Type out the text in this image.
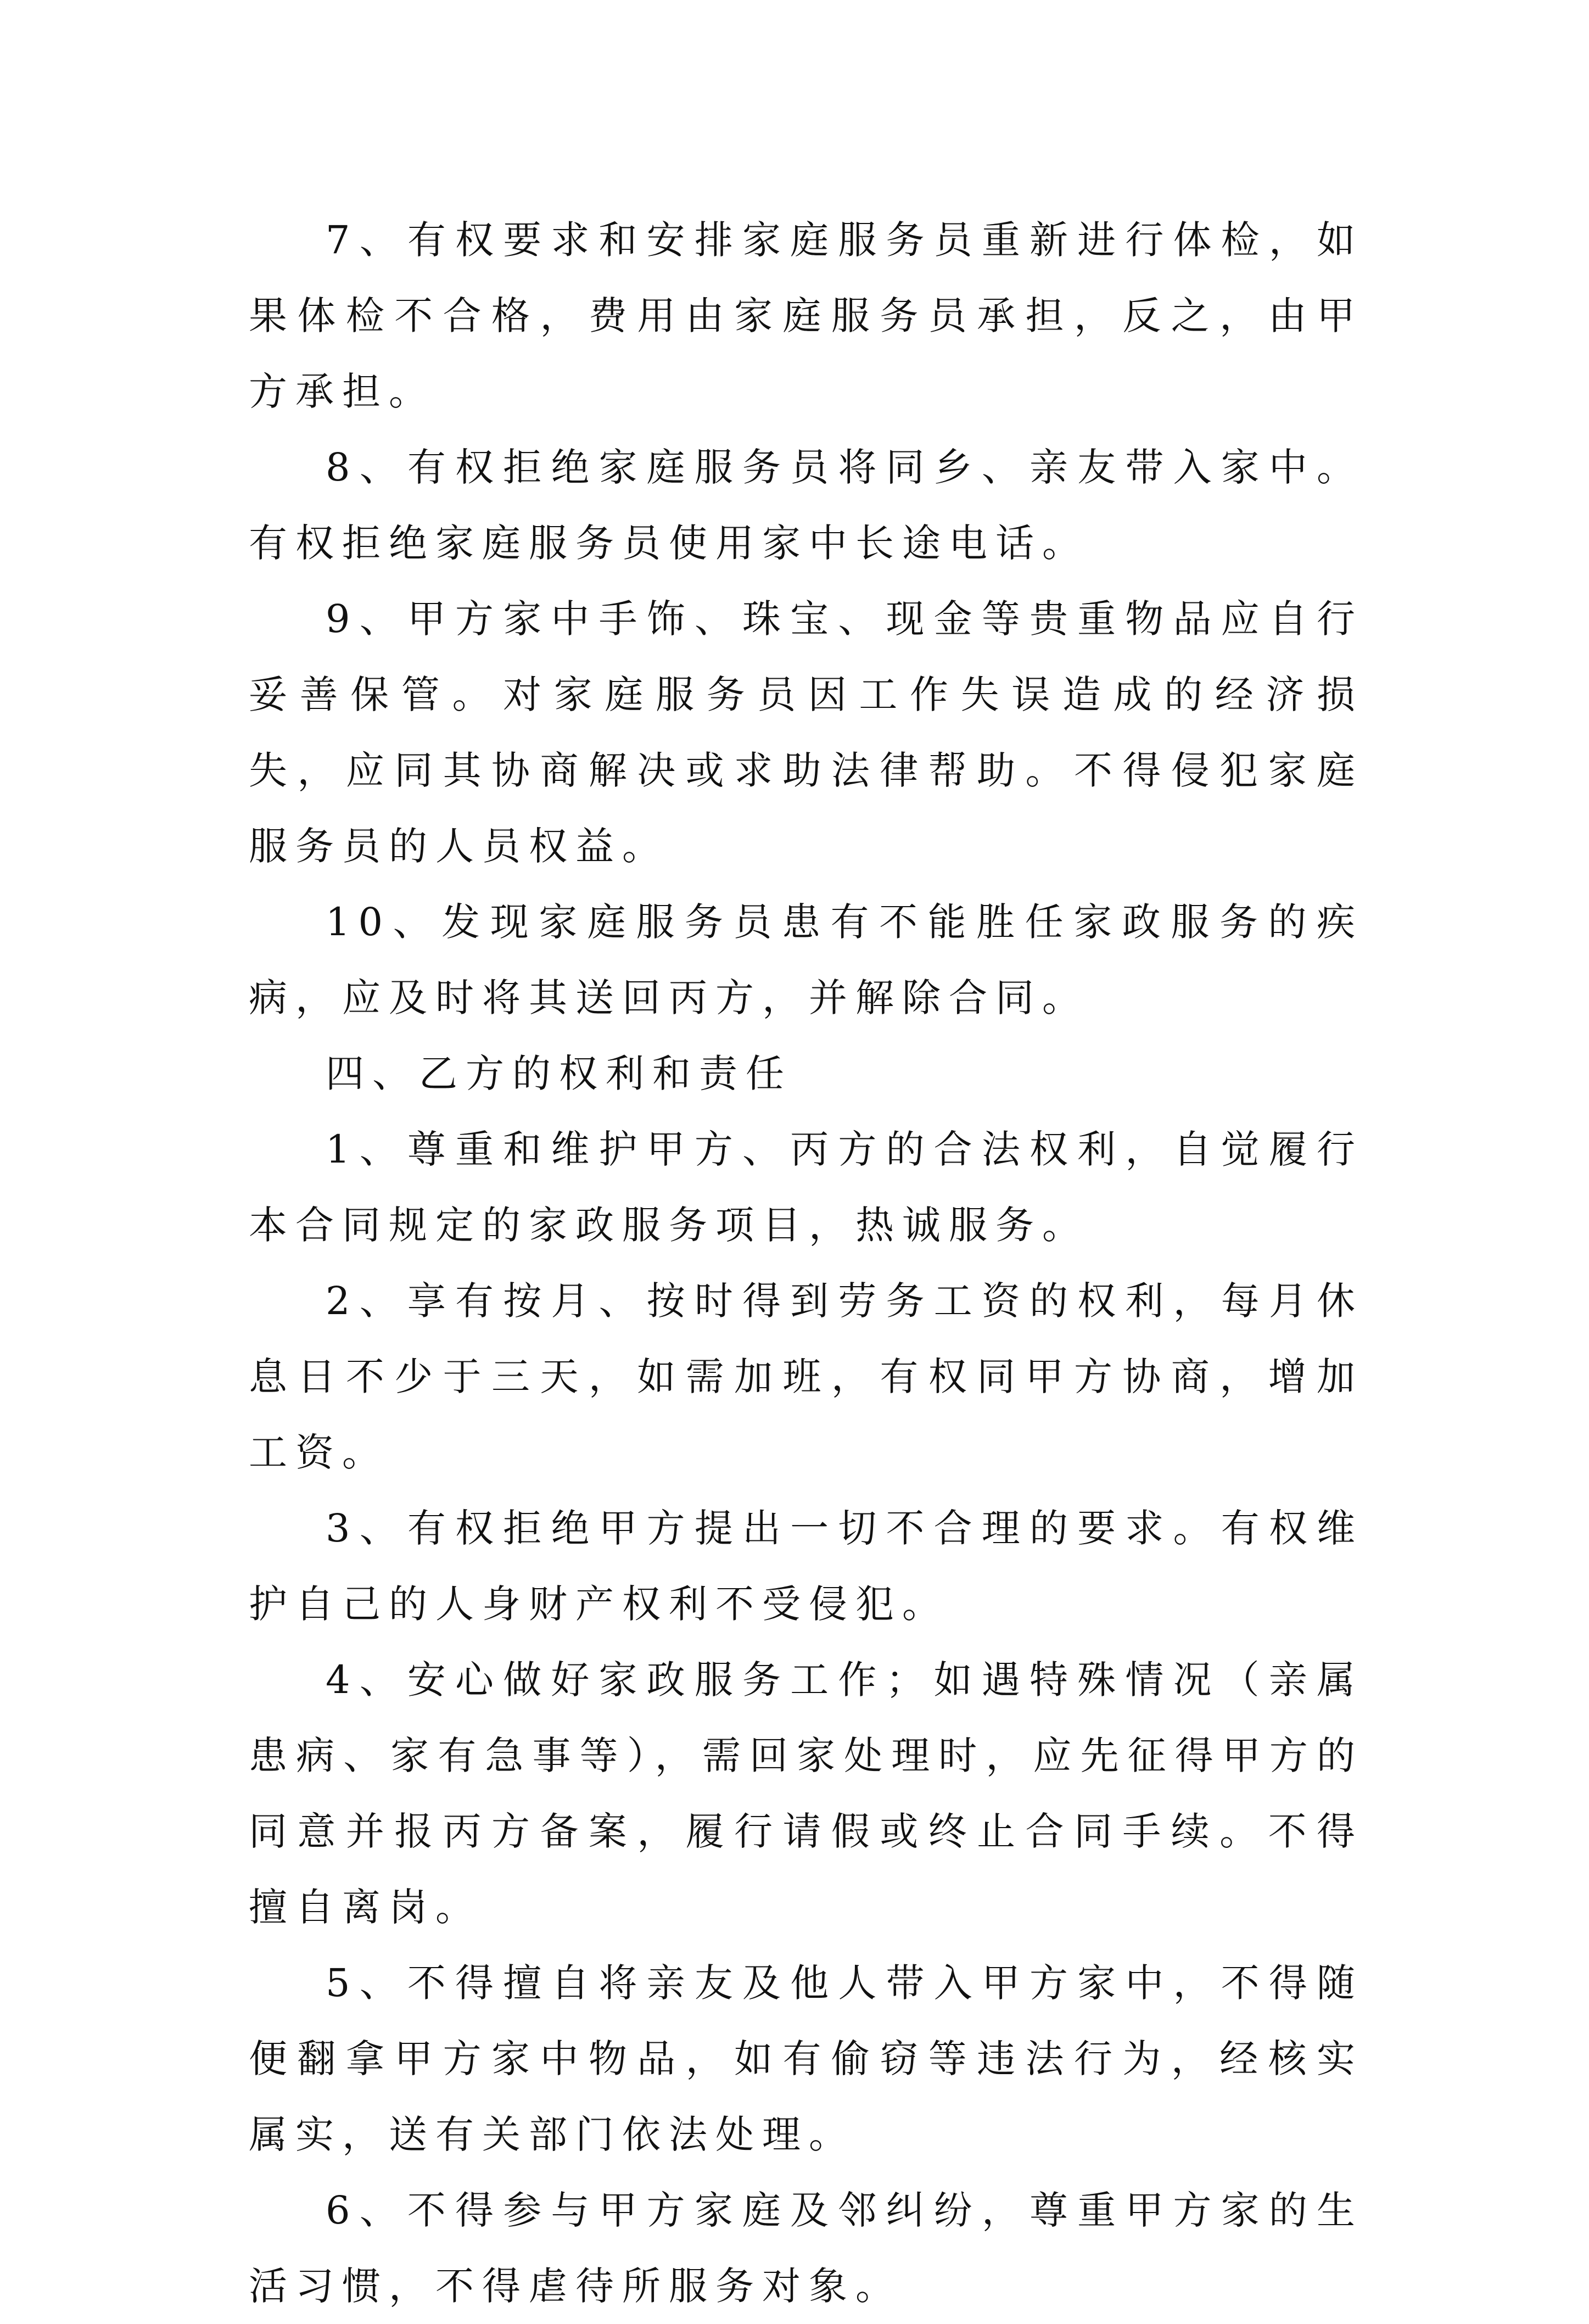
7、有权要求和安排家庭服务员重新进行体检，如果体检不合格，费用由家庭服务员承担，反之，由甲方承担。

8、有权拒绝家庭服务员将同乡、亲友带入家中。有权拒绝家庭服务员使用家中长途电话。

9、甲方家中手饰、珠宝、现金等贵重物品应自行妥善保管。对家庭服务员因工作失误造成的经济损失，应同其协商解决或求助法律帮助。不得侵犯家庭服务员的人员权益。

10、发现家庭服务员患有不能胜任家政服务的疾病，应及时将其送回丙方，并解除合同。

四、乙方的权利和责任

1、尊重和维护甲方、丙方的合法权利，自觉履行本合同规定的家政服务项目，热诚服务。

2、享有按月、按时得到劳务工资的权利，每月休息日不少于三天，如需加班，有权同甲方协商，增加工资。

3、有权拒绝甲方提出一切不合理的要求。有权维护自己的人身财产权利不受侵犯。

4、安心做好家政服务工作；如遇特殊情况（亲属患病、家有急事等），需回家处理时，应先征得甲方的同意并报丙方备案，履行请假或终止合同手续。不得擅自离岗。

5、不得擅自将亲友及他人带入甲方家中，不得随便翻拿甲方家中物品，如有偷窃等违法行为，经核实属实，送有关部门依法处理。

6、不得参与甲方家庭及邻纠纷，尊重甲方家的生活习惯，不得虐待所服务对象。
